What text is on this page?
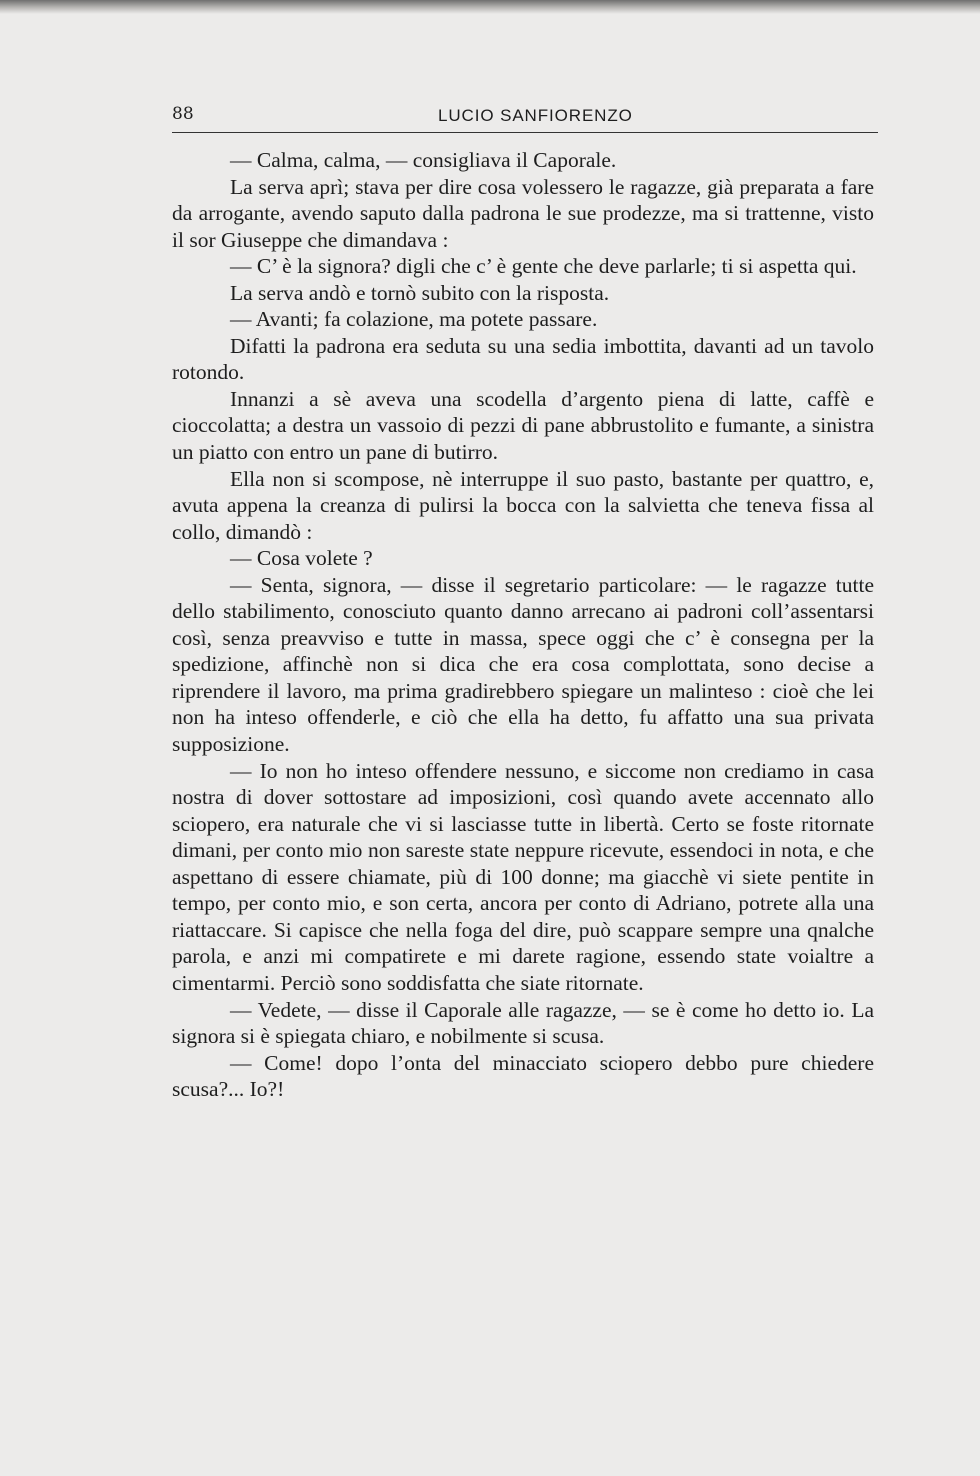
88	LUCIO SANFIORENZO

— Calma, calma, — consigliava il Caporale.

La serva aprì; stava per dire cosa volessero le ragazze, già preparata a fare da arrogante, avendo saputo dalla padrona le sue prodezze, ma si trattenne, visto il sor Giuseppe che dimandava :

— C’ è la signora? digli che c’ è gente che deve parlarle; ti si aspetta qui.

La serva andò e tornò subito con la risposta.

— Avanti; fa colazione, ma potete passare.

Difatti la padrona era seduta su una sedia imbottita, davanti ad un tavolo rotondo.

Innanzi a sè aveva una scodella d’argento piena di latte, caffè e cioccolatta; a destra un vassoio di pezzi di pane abbrustolito e fumante, a sinistra un piatto con entro un pane di butirro.

Ella non si scompose, nè interruppe il suo pasto, bastante per quattro, e, avuta appena la creanza di pulirsi la bocca con la salvietta che teneva fissa al collo, dimandò :

— Cosa volete ?

— Senta, signora, — disse il segretario particolare: — le ragazze tutte dello stabilimento, conosciuto quanto danno arrecano ai padroni coll’assentarsi così, senza preavviso e tutte in massa, spece oggi che c’ è consegna per la spedizione, affinchè non si dica che era cosa complottata, sono decise a riprendere il lavoro, ma prima gradirebbero spiegare un malinteso : cioè che lei non ha inteso offenderle, e ciò che ella ha detto, fu affatto una sua privata supposizione.

— Io non ho inteso offendere nessuno, e siccome non crediamo in casa nostra di dover sottostare ad imposizioni, così quando avete accennato allo sciopero, era naturale che vi si lasciasse tutte in libertà. Certo se foste ritornate dimani, per conto mio non sareste state neppure ricevute, essendoci in nota, e che aspettano di essere chiamate, più di 100 donne; ma giacchè vi siete pentite in tempo, per conto mio, e son certa, ancora per conto di Adriano, potrete alla una riattaccare. Si capisce che nella foga del dire, può scappare sempre una qnalche parola, e anzi mi compatirete e mi darete ragione, essendo state voialtre a cimentarmi. Perciò sono soddisfatta che siate ritornate.

— Vedete, — disse il Caporale alle ragazze, — se è come ho detto io. La signora si è spiegata chiaro, e nobilmente si scusa.

— Come! dopo l’onta del minacciato sciopero debbo pure chiedere scusa?... Io?!
